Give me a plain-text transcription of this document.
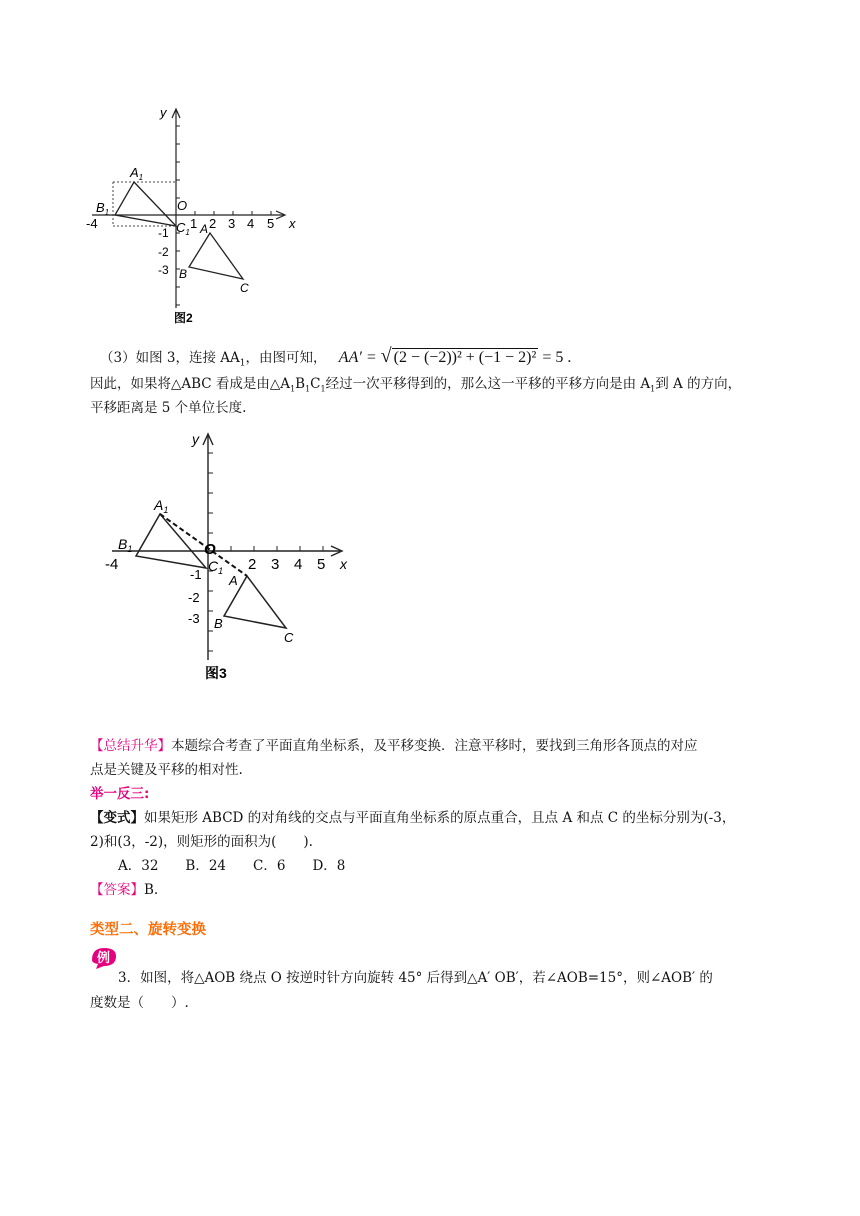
y
x
O
-4	1 2 3 4 5
-1
-2
-3
$A_1$
$B_1$
$C_1$ A
B
C
图2
（3）如图 3，连接 $AA_1$，由图可知， AA′ = √ (2 − (−2))² + (−1 − 2)² = 5 .
因此，如果将△ABC 看成是由$\triangle A_1B_1C_1$经过一次平移得到的，那么这一平移的平移方向是由 $A_1$到 A 的方向，
平移距离是 5 个单位长度.
y
x
O
-4	2 3 4 5
-1
-2
-3
$A_1$
$B_1$
$C_1$
A
B
C
图3
【总结升华】本题综合考查了平面直角坐标系，及平移变换．注意平移时，要找到三角形各顶点的对应
点是关键及平移的相对性.
举一反三:
【变式】如果矩形 ABCD 的对角线的交点与平面直角坐标系的原点重合，且点 A 和点 C 的坐标分别为(-3，
2)和(3，-2)，则矩形的面积为(　　).
A．32　　B．24　　C．6　　D．8
【答案】B.
类型二、旋转变换
例
3．如图，将△AOB 绕点 O 按逆时针方向旋转 45° 后得到△A′ OB′，若∠AOB=15°，则∠AOB′ 的
度数是（　　）.
